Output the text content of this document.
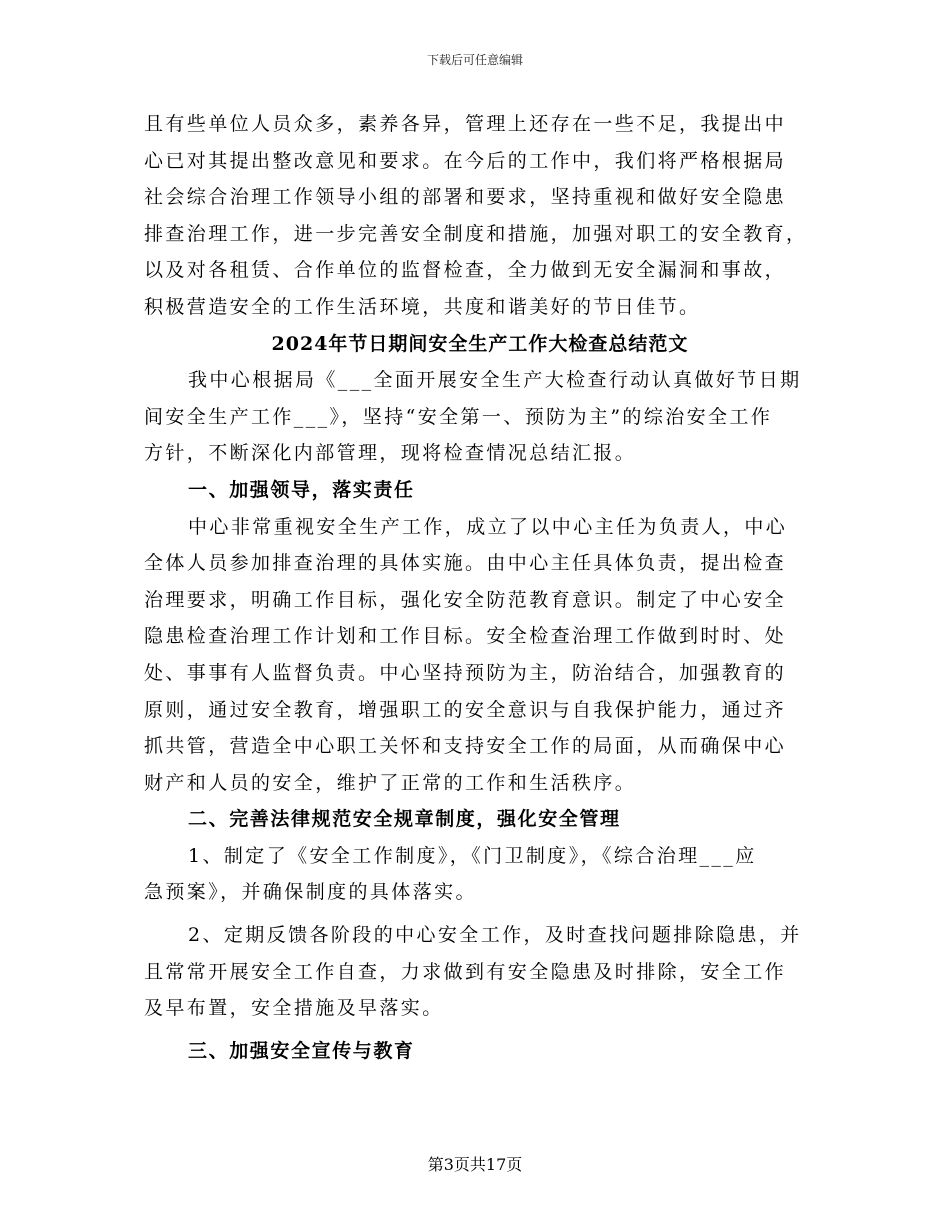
下载后可任意编辑
且有些单位人员众多，素养各异，管理上还存在一些不足，我提出中
心已对其提出整改意见和要求。在今后的工作中，我们将严格根据局
社会综合治理工作领导小组的部署和要求，坚持重视和做好安全隐患
排查治理工作，进一步完善安全制度和措施，加强对职工的安全教育，
以及对各租赁、合作单位的监督检查，全力做到无安全漏洞和事故，
积极营造安全的工作生活环境，共度和谐美好的节日佳节。
2024年节日期间安全生产工作大检查总结范文
我中心根据局《___全面开展安全生产大检查行动认真做好节日期
间安全生产工作___》，坚持“安全第一、预防为主”的综治安全工作
方针，不断深化内部管理，现将检查情况总结汇报。
一、加强领导，落实责任
中心非常重视安全生产工作，成立了以中心主任为负责人，中心
全体人员参加排查治理的具体实施。由中心主任具体负责，提出检查
治理要求，明确工作目标，强化安全防范教育意识。制定了中心安全
隐患检查治理工作计划和工作目标。安全检查治理工作做到时时、处
处、事事有人监督负责。中心坚持预防为主，防治结合，加强教育的
原则，通过安全教育，增强职工的安全意识与自我保护能力，通过齐
抓共管，营造全中心职工关怀和支持安全工作的局面，从而确保中心
财产和人员的安全，维护了正常的工作和生活秩序。
二、完善法律规范安全规章制度，强化安全管理
1、制定了《安全工作制度》，《门卫制度》，《综合治理___应
急预案》，并确保制度的具体落实。
2、定期反馈各阶段的中心安全工作，及时查找问题排除隐患，并
且常常开展安全工作自查，力求做到有安全隐患及时排除，安全工作
及早布置，安全措施及早落实。
三、加强安全宣传与教育
第3页共17页
